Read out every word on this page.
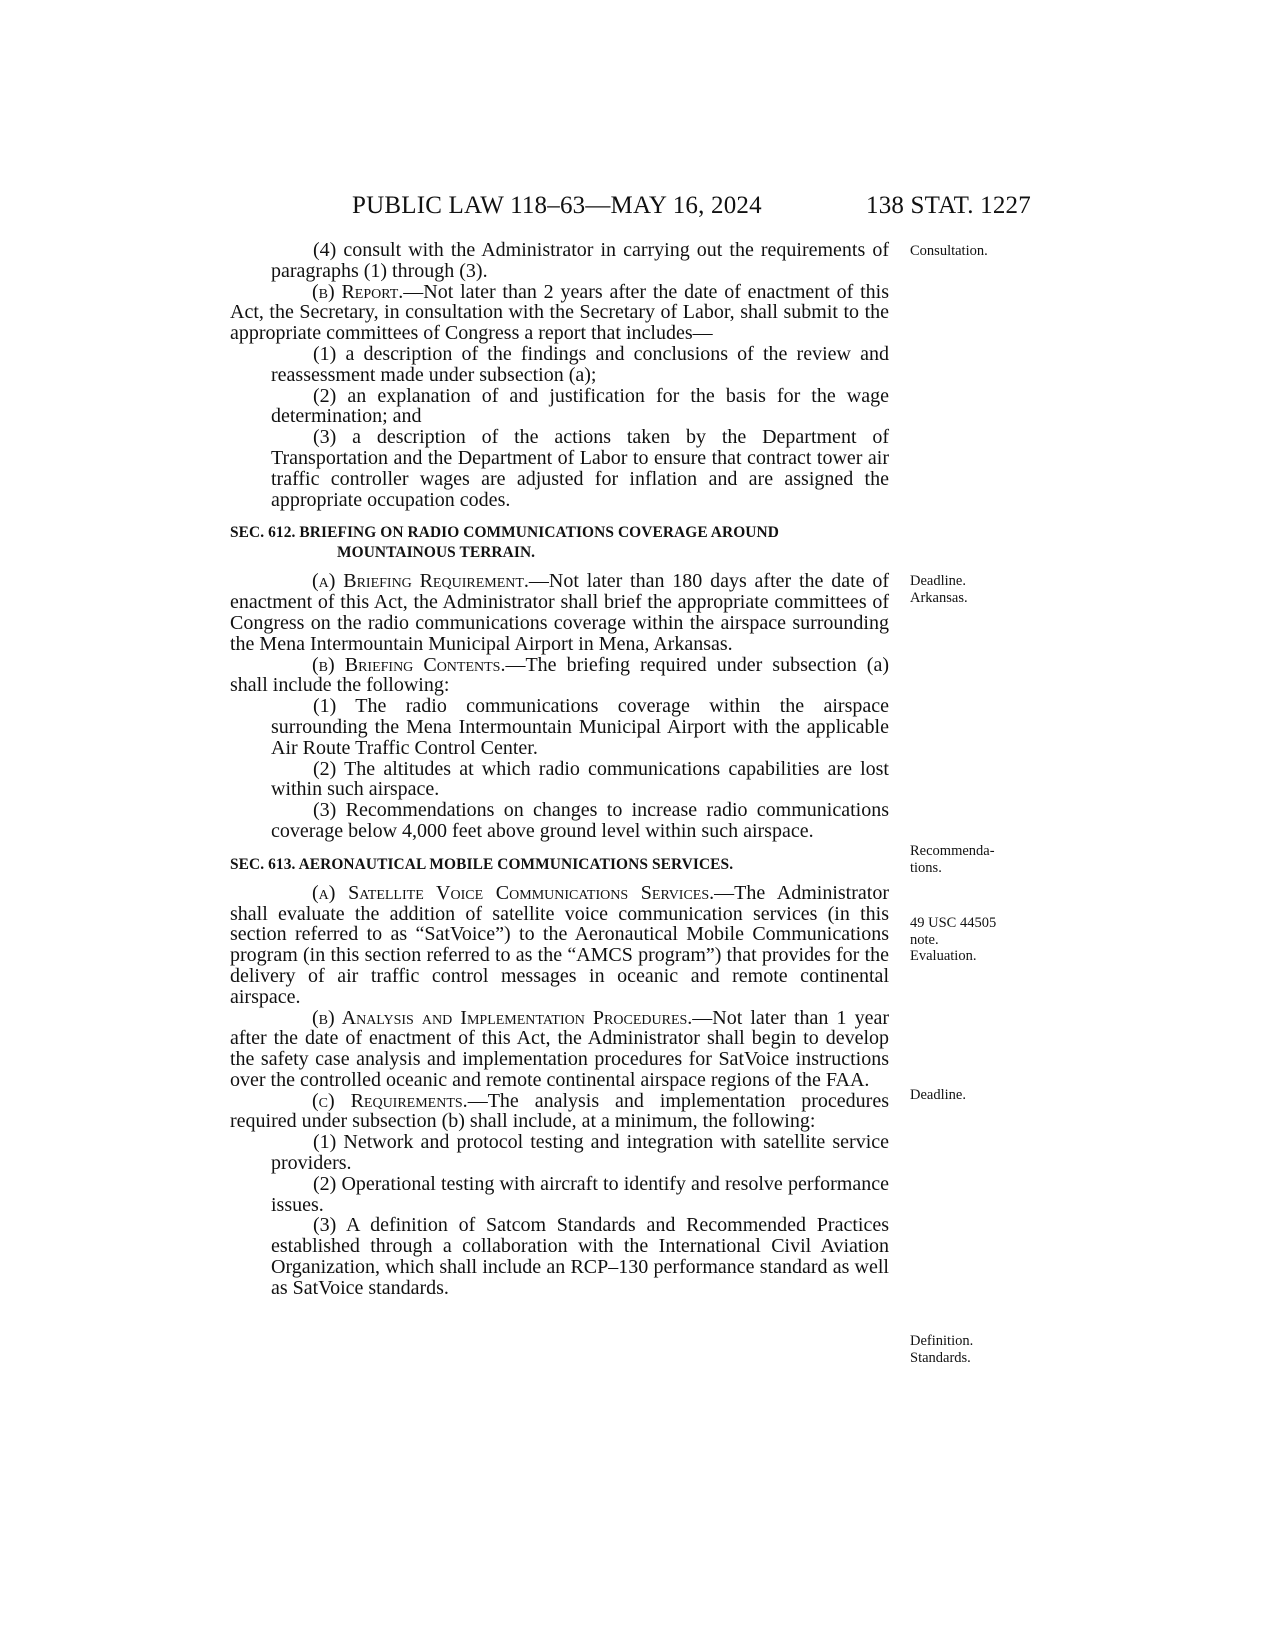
PUBLIC LAW 118–63—MAY 16, 2024	138 STAT. 1227

(4) consult with the Administrator in carrying out the requirements of paragraphs (1) through (3).

(b) Report.—Not later than 2 years after the date of enactment of this Act, the Secretary, in consultation with the Secretary of Labor, shall submit to the appropriate committees of Congress a report that includes—

(1) a description of the findings and conclusions of the review and reassessment made under subsection (a);

(2) an explanation of and justification for the basis for the wage determination; and

(3) a description of the actions taken by the Department of Transportation and the Department of Labor to ensure that contract tower air traffic controller wages are adjusted for inflation and are assigned the appropriate occupation codes.

SEC. 612. BRIEFING ON RADIO COMMUNICATIONS COVERAGE AROUND MOUNTAINOUS TERRAIN.

(a) Briefing Requirement.—Not later than 180 days after the date of enactment of this Act, the Administrator shall brief the appropriate committees of Congress on the radio communications coverage within the airspace surrounding the Mena Intermountain Municipal Airport in Mena, Arkansas.

(b) Briefing Contents.—The briefing required under subsection (a) shall include the following:

(1) The radio communications coverage within the airspace surrounding the Mena Intermountain Municipal Airport with the applicable Air Route Traffic Control Center.

(2) The altitudes at which radio communications capabilities are lost within such airspace.

(3) Recommendations on changes to increase radio communications coverage below 4,000 feet above ground level within such airspace.

SEC. 613. AERONAUTICAL MOBILE COMMUNICATIONS SERVICES.

(a) Satellite Voice Communications Services.—The Administrator shall evaluate the addition of satellite voice communication services (in this section referred to as “SatVoice”) to the Aeronautical Mobile Communications program (in this section referred to as the “AMCS program”) that provides for the delivery of air traffic control messages in oceanic and remote continental airspace.

(b) Analysis and Implementation Procedures.—Not later than 1 year after the date of enactment of this Act, the Administrator shall begin to develop the safety case analysis and implementation procedures for SatVoice instructions over the controlled oceanic and remote continental airspace regions of the FAA.

(c) Requirements.—The analysis and implementation procedures required under subsection (b) shall include, at a minimum, the following:

(1) Network and protocol testing and integration with satellite service providers.

(2) Operational testing with aircraft to identify and resolve performance issues.

(3) A definition of Satcom Standards and Recommended Practices established through a collaboration with the International Civil Aviation Organization, which shall include an RCP–130 performance standard as well as SatVoice standards.

Consultation.
Deadline.
Arkansas.
Recommenda-
tions.
49 USC 44505
note.
Evaluation.
Deadline.
Definition.
Standards.
